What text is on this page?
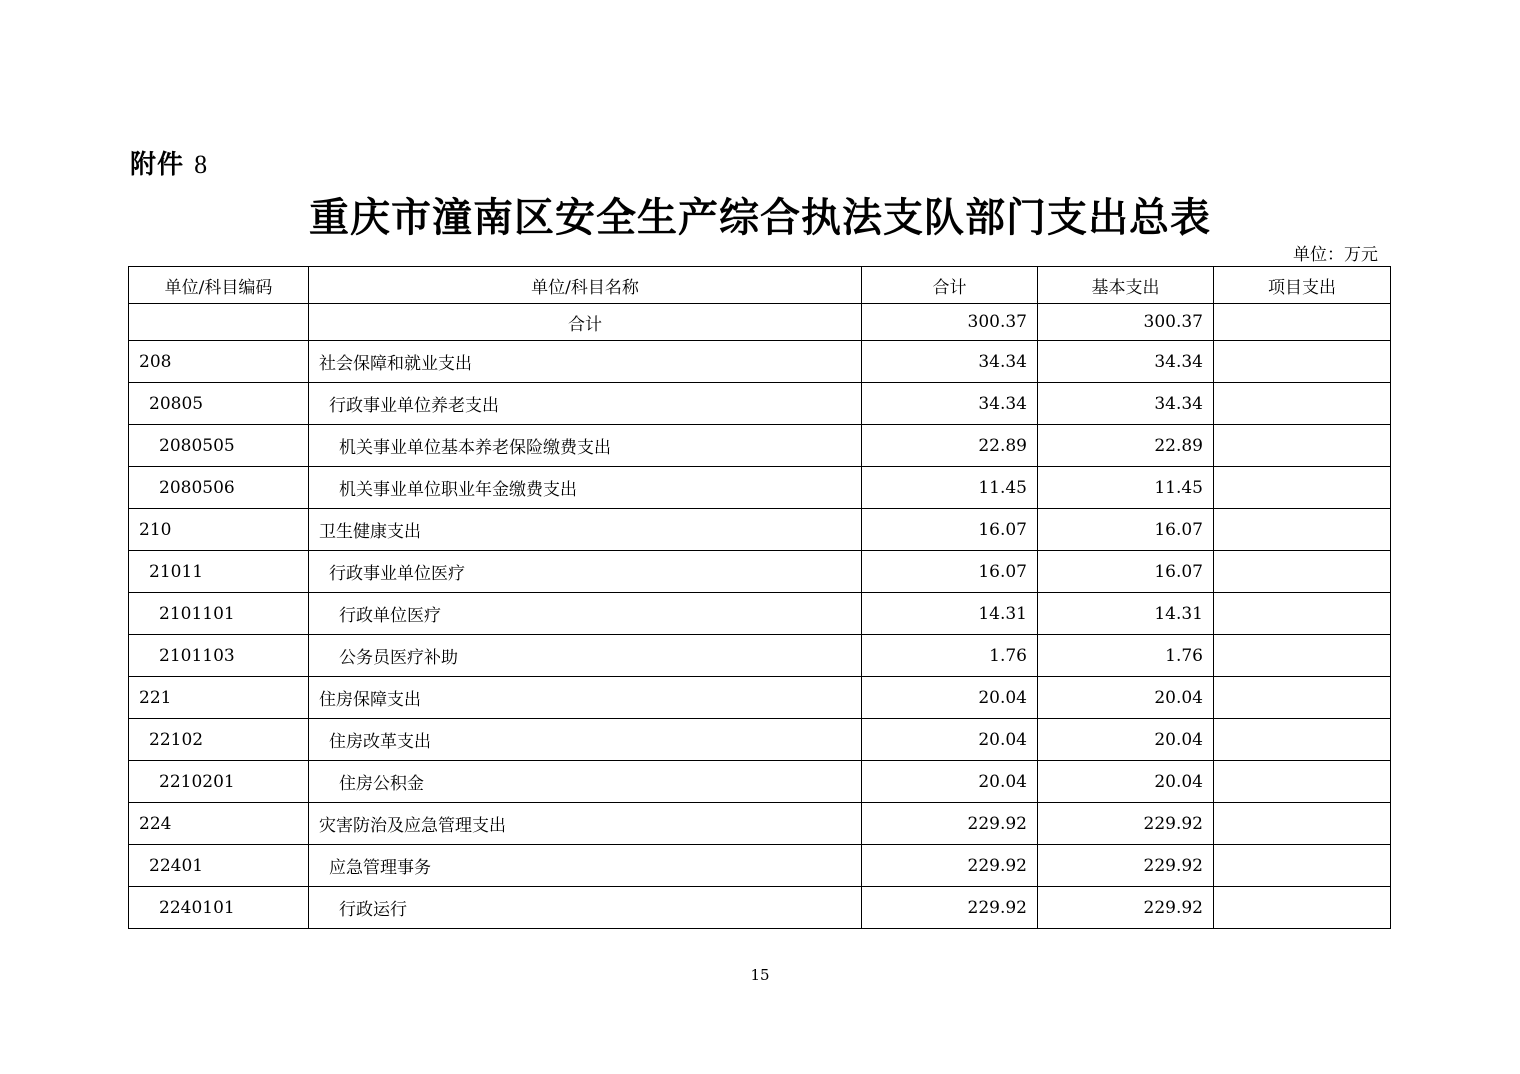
附件 8
重庆市潼南区安全生产综合执法支队部门支出总表
单位：万元
单位/科目编码	单位/科目名称	合计	基本支出	项目支出
	合计	300.37	300.37	
208	社会保障和就业支出	34.34	34.34	
20805	行政事业单位养老支出	34.34	34.34	
2080505	机关事业单位基本养老保险缴费支出	22.89	22.89	
2080506	机关事业单位职业年金缴费支出	11.45	11.45	
210	卫生健康支出	16.07	16.07	
21011	行政事业单位医疗	16.07	16.07	
2101101	行政单位医疗	14.31	14.31	
2101103	公务员医疗补助	1.76	1.76	
221	住房保障支出	20.04	20.04	
22102	住房改革支出	20.04	20.04	
2210201	住房公积金	20.04	20.04	
224	灾害防治及应急管理支出	229.92	229.92	
22401	应急管理事务	229.92	229.92	
2240101	行政运行	229.92	229.92	
15
